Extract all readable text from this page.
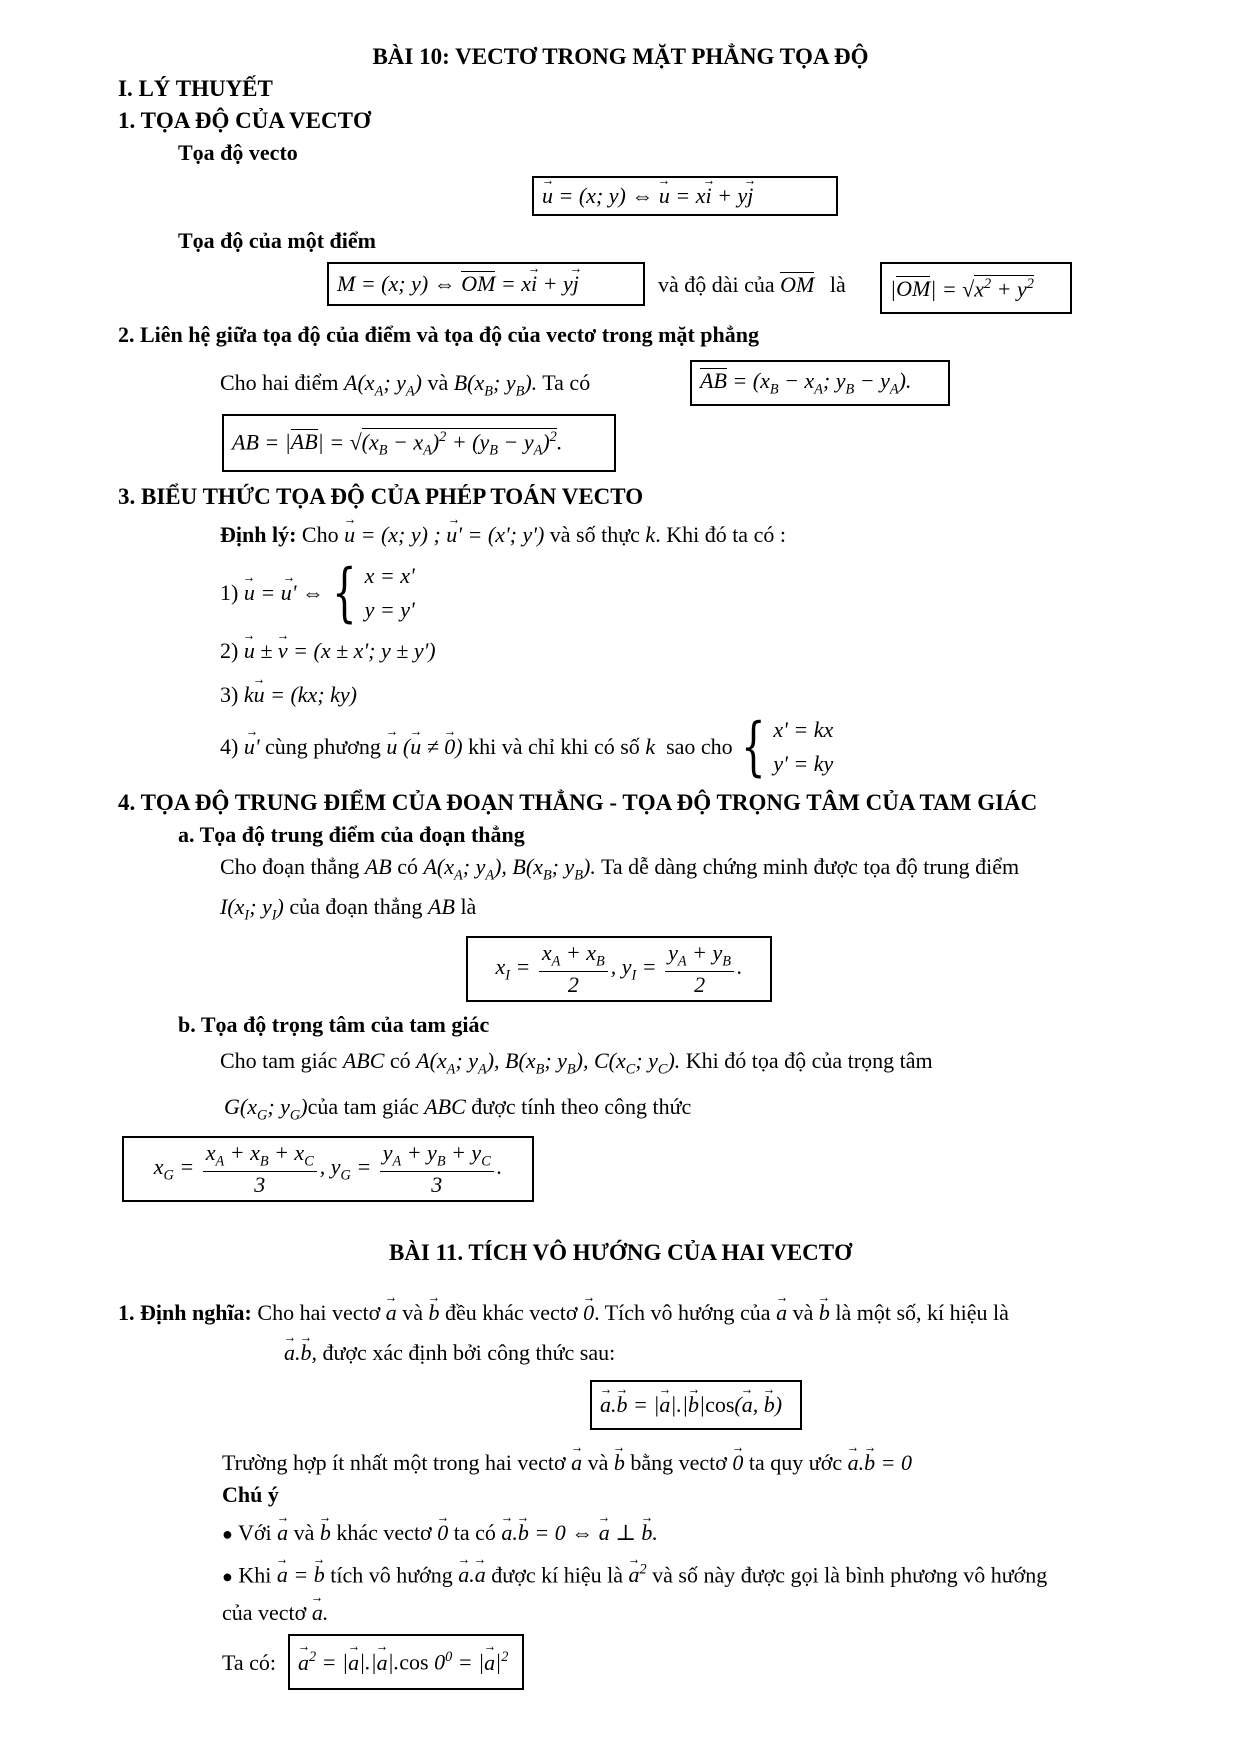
BÀI 10: VECTƠ TRONG MẶT PHẲNG TỌA ĐỘ
I. LÝ THUYẾT
1. TỌA ĐỘ CỦA VECTƠ
Tọa độ vecto
→ u = (x; y) ⇔ → u = x→ i + y→ j
Tọa độ của một điểm
M = (x; y) ⇔ OM = x→ i + y→ j	và độ dài của OM là $|OM| = √x^2 + y^2$
2. Liên hệ giữa tọa độ của điểm và tọa độ của vectơ trong mặt phẳng
Cho hai điểm $A(x_A$; $y_A$) và $B(x_B$; $y_B$). Ta có	AB = ($x_B - x_A$; $y_B - y_A$).
AB = $|AB| = √(x_B - x_A)^2 + (y_B - y_A)^2$.
3. BIỂU THỨC TỌA ĐỘ CỦA PHÉP TOÁN VECTO
Định lý: Cho → u = (x; y) ; → u' = (x'; y') và số thực k. Khi đó ta có :
1)
→ u = → u' ⇔ { x = x'
y = y'
2) → u ± → v = (x ± x'; y ± y')
3) k→ u = (kx; ky)
4)
→ u'
cùng phương
→ u (→ u ≠ → 0)
khi và chỉ khi có số
k
sao cho { x' = kx
y' = ky
4. TỌA ĐỘ TRUNG ĐIỂM CỦA ĐOẠN THẲNG - TỌA ĐỘ TRỌNG TÂM CỦA TAM GIÁC
a. Tọa độ trung điểm của đoạn thẳng
Cho đoạn thẳng AB có $A(x_A$; $y_A$), $B(x_B$; $y_B$). Ta dễ dàng chứng minh được tọa độ trung điểm
$I(x_I$; $y_I$) của đoạn thẳng AB là
$x_I = \frac{x_A + x_B}{2}$ , $y_I = \frac{y_A + y_B}{2}$ .
b. Tọa độ trọng tâm của tam giác
Cho tam giác ABC có $A(x_A$; $y_A$), $B(x_B$; $y_B$), $C(x_C$; $y_C$). Khi đó tọa độ của trọng tâm
$G(x_G$; $y_G)của$ tam giác ABC được tính theo công thức
$x_G = \frac{x_A + x_B + x_C}{3}$ , $y_G = \frac{y_A + y_B + y_C}{3}$ .
BÀI 11. TÍCH VÔ HƯỚNG CỦA HAI VECTƠ
1. Định nghĩa: Cho hai vectơ → a và → b đều khác vectơ → 0. Tích vô hướng của → a và → b là một số, kí hiệu là
→ a.→ b, được xác định bởi công thức sau:
→ a.→ b = |→ a|.|→ b|cos(→ a, → b)
Trường hợp ít nhất một trong hai vectơ → a và → b bằng vectơ → 0 ta quy ước → a.→ b = 0
Chú ý
● Với → a và → b khác vectơ → 0 ta có → a.→ b = 0 ⇔ → a ⊥ → b.
● Khi → a = → b tích vô hướng → a.→ a được kí hiệu là → $a^2$ và số này được gọi là bình phương vô hướng
của vectơ → a.
Ta có: → $a^2$ = |→ a|.|→ a|.cos $0^0$ = |→ $a|^2$
